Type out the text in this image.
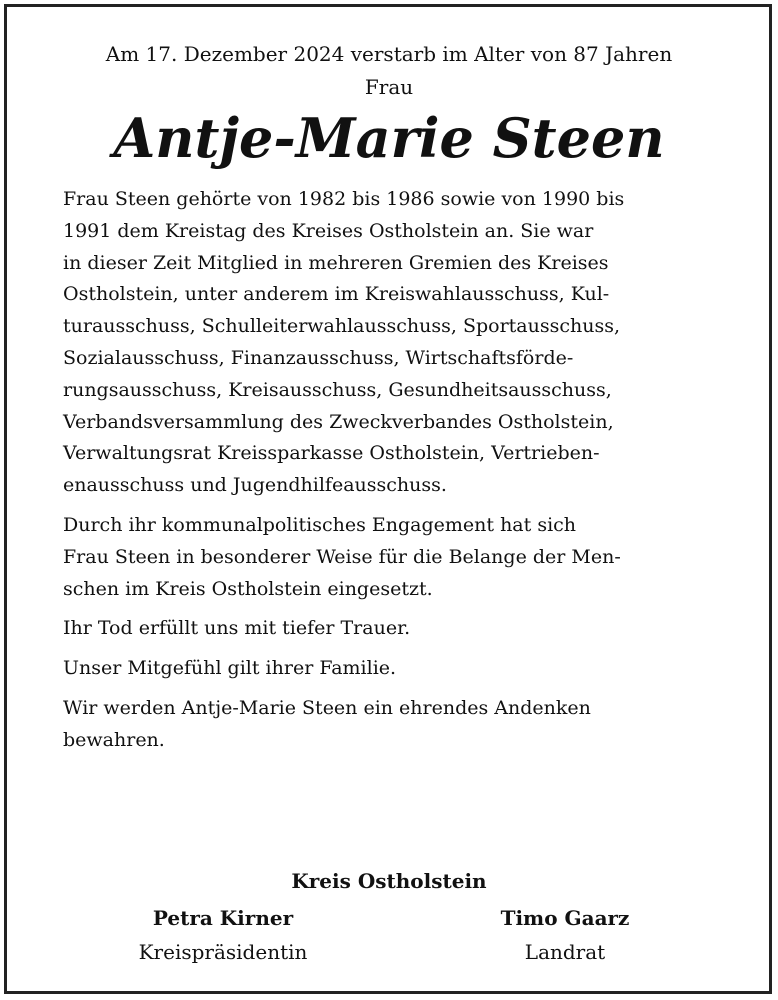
Am 17. Dezember 2024 verstarb im Alter von 87 Jahren
Frau
Antje-Marie Steen

Frau Steen gehörte von 1982 bis 1986 sowie von 1990 bis
1991 dem Kreistag des Kreises Ostholstein an. Sie war
in dieser Zeit Mitglied in mehreren Gremien des Kreises
Ostholstein, unter anderem im Kreiswahlausschuss, Kul-
turausschuss, Schulleiterwahlausschuss, Sportausschuss,
Sozialausschuss, Finanzausschuss, Wirtschaftsförde-
rungsausschuss, Kreisausschuss, Gesundheitsausschuss,
Verbandsversammlung des Zweckverbandes Ostholstein,
Verwaltungsrat Kreissparkasse Ostholstein, Vertrieben-
enausschuss und Jugendhilfeausschuss.

Durch ihr kommunalpolitisches Engagement hat sich
Frau Steen in besonderer Weise für die Belange der Men-
schen im Kreis Ostholstein eingesetzt.

Ihr Tod erfüllt uns mit tiefer Trauer.

Unser Mitgefühl gilt ihrer Familie.

Wir werden Antje-Marie Steen ein ehrendes Andenken
bewahren.

Kreis Ostholstein
Petra Kirner
Kreispräsidentin
Timo Gaarz
Landrat
